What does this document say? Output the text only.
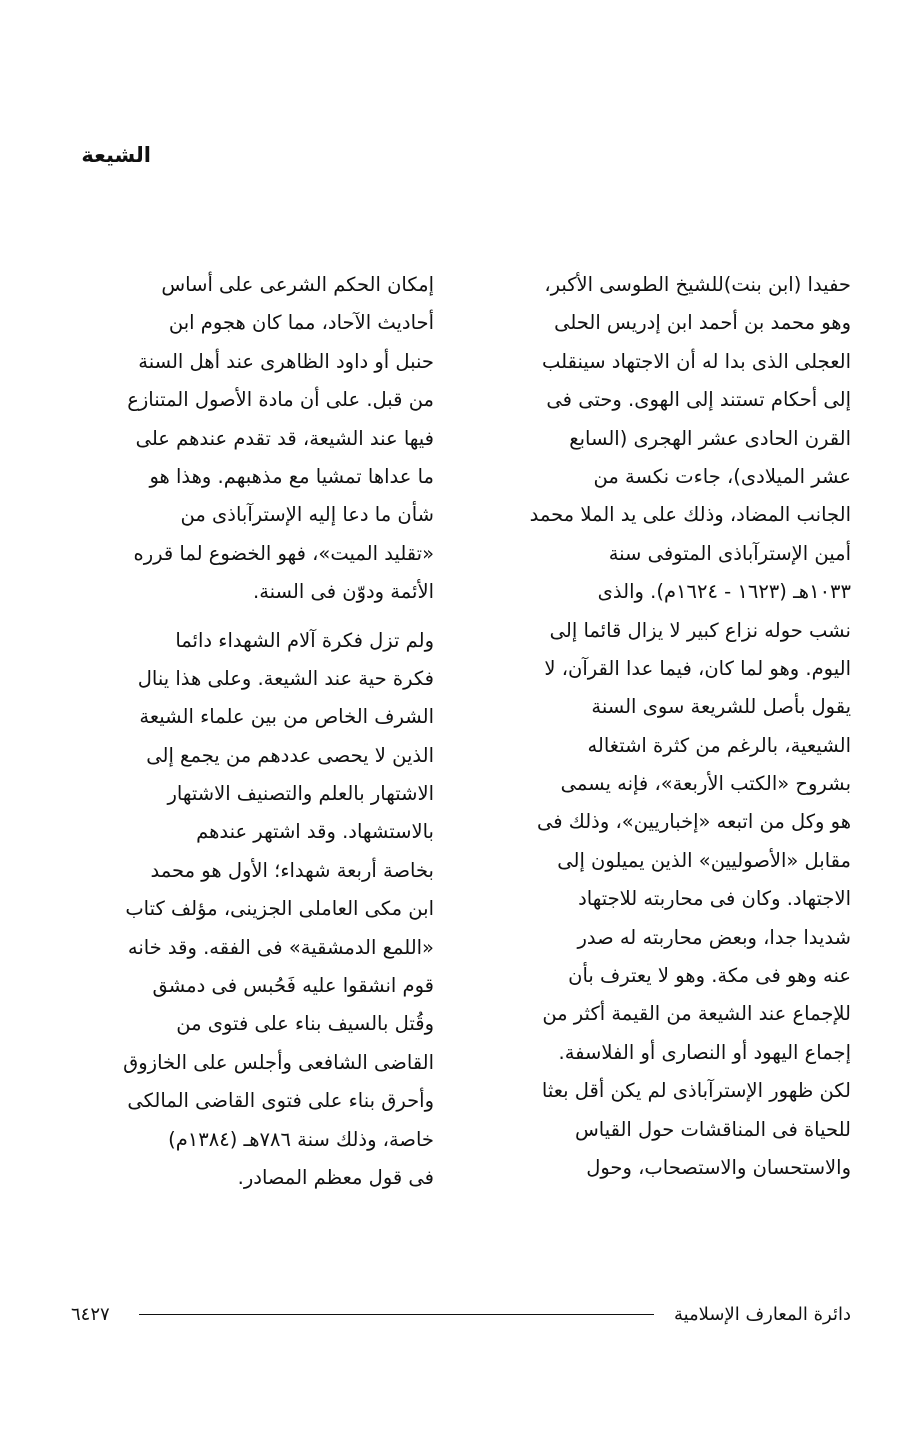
الشيعة
حفيدا (ابن بنت)للشيخ الطوسى الأكبر،
وهو محمد بن أحمد ابن إدريس الحلى
العجلى الذى بدا له أن الاجتهاد سينقلب
إلى أحكام تستند إلى الهوى. وحتى فى
القرن الحادى عشر الهجرى (السابع
عشر الميلادى)، جاءت نكسة من
الجانب المضاد، وذلك على يد الملا محمد
أمين الإسترآباذى المتوفى سنة
١٠٣٣هـ (١٦٢٣ - ١٦٢٤م). والذى
نشب حوله نزاع كبير لا يزال قائما إلى
اليوم. وهو لما كان، فيما عدا القرآن، لا
يقول بأصل للشريعة سوى السنة
الشيعية، بالرغم من كثرة اشتغاله
بشروح «الكتب الأربعة»، فإنه يسمى
هو وكل من اتبعه «إخباريين»، وذلك فى
مقابل «الأصوليين» الذين يميلون إلى
الاجتهاد. وكان فى محاربته للاجتهاد
شديدا جدا، وبعض محاربته له صدر
عنه وهو فى مكة. وهو لا يعترف بأن
للإجماع عند الشيعة من القيمة أكثر من
إجماع اليهود أو النصارى أو الفلاسفة.
لكن ظهور الإسترآباذى لم يكن أقل بعثا
للحياة فى المناقشات حول القياس
والاستحسان والاستصحاب، وحول
إمكان الحكم الشرعى على أساس
أحاديث الآحاد، مما كان هجوم ابن
حنبل أو داود الظاهرى عند أهل السنة
من قبل. على أن مادة الأصول المتنازع
فيها عند الشيعة، قد تقدم عندهم على
ما عداها تمشيا مع مذهبهم. وهذا هو
شأن ما دعا إليه الإسترآباذى من
«تقليد الميت»، فهو الخضوع لما قرره
الأئمة ودوّن فى السنة.
ولم تزل فكرة آلام الشهداء دائما
فكرة حية عند الشيعة. وعلى هذا ينال
الشرف الخاص من بين علماء الشيعة
الذين لا يحصى عددهم من يجمع إلى
الاشتهار بالعلم والتصنيف الاشتهار
بالاستشهاد. وقد اشتهر عندهم
بخاصة أربعة شهداء؛ الأول هو محمد
ابن مكى العاملى الجزينى، مؤلف كتاب
«اللمع الدمشقية» فى الفقه. وقد خانه
قوم انشقوا عليه فَحُبس فى دمشق
وقُتل بالسيف بناء على فتوى من
القاضى الشافعى وأجلس على الخازوق
وأحرق بناء على فتوى القاضى المالكى
خاصة، وذلك سنة ٧٨٦هـ (١٣٨٤م)
فى قول معظم المصادر.
دائرة المعارف الإسلامية
٦٤٢٧
